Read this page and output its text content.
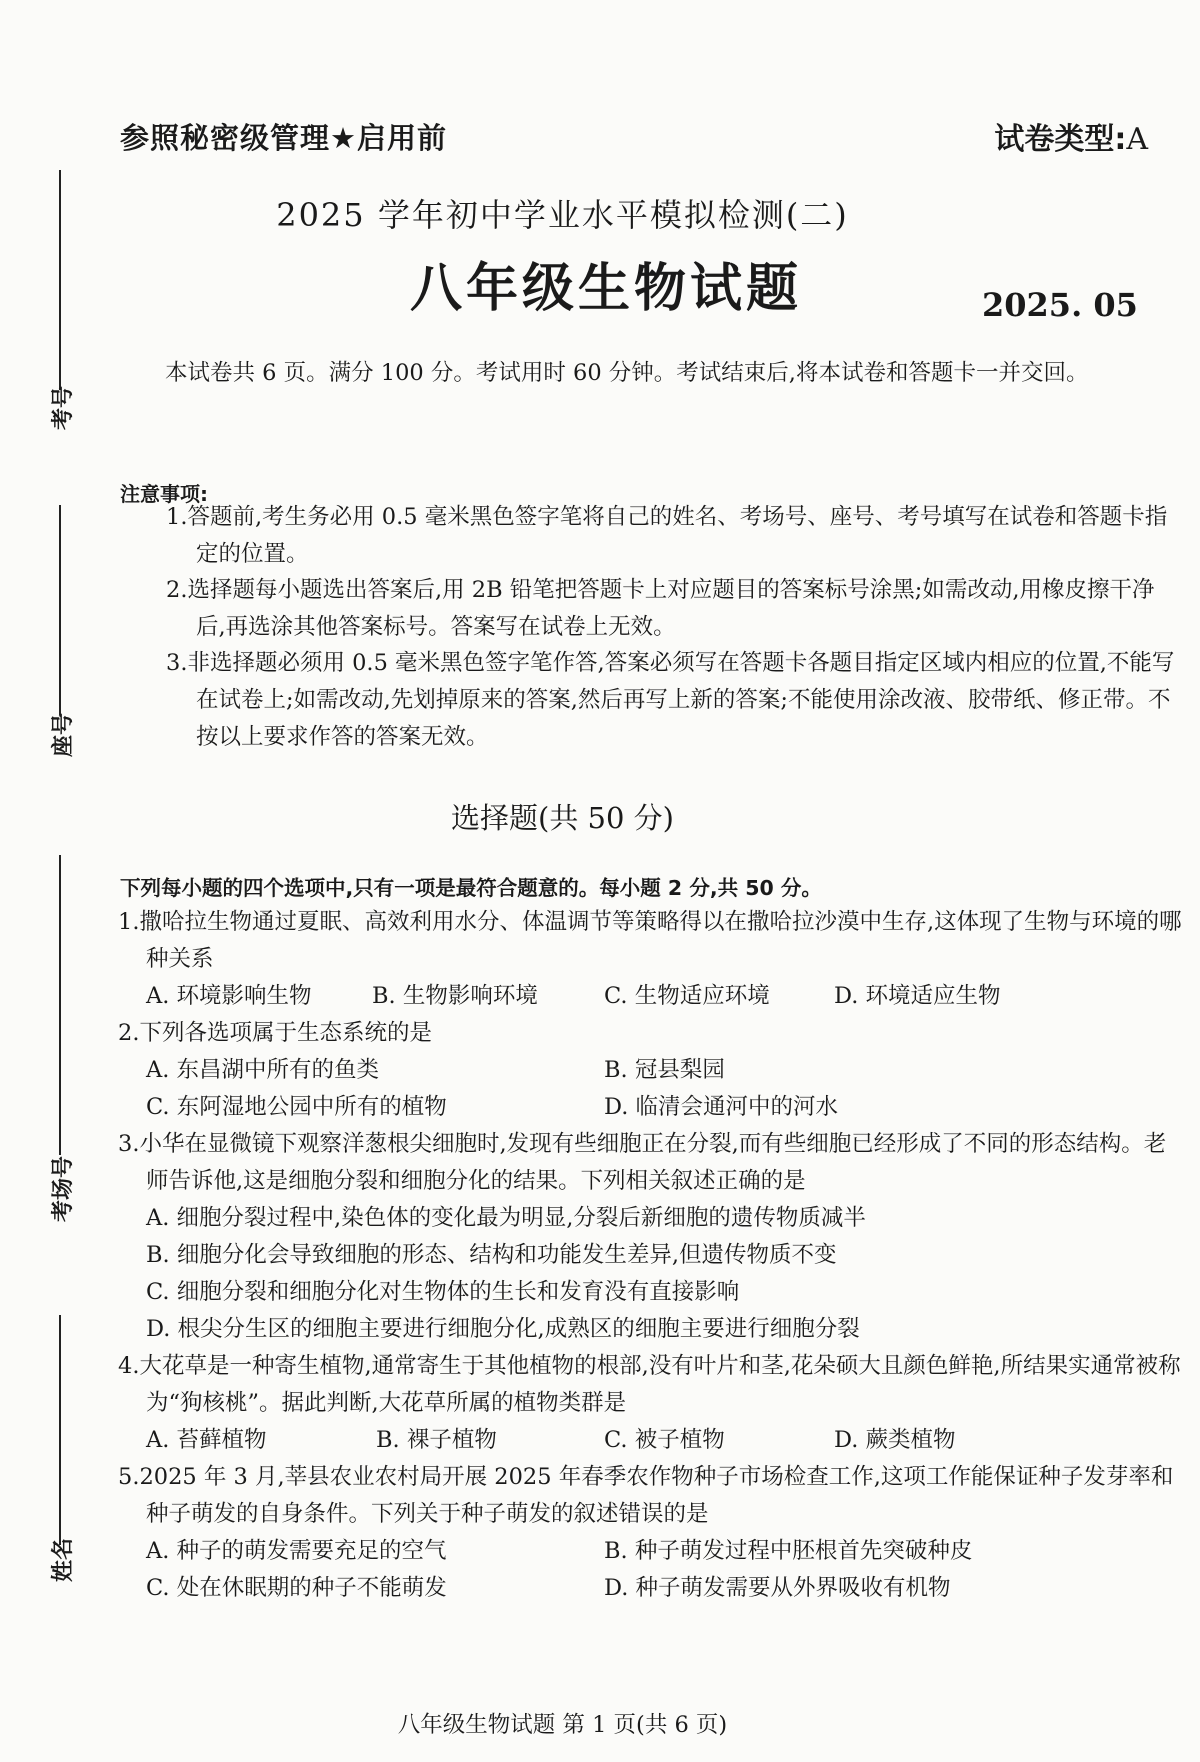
考号
座号
考场号
姓名
参照秘密级管理★启用前	试卷类型:A
2025 学年初中学业水平模拟检测(二)
八年级生物试题	2025. 05
本试卷共 6 页。满分 100 分。考试用时 60 分钟。考试结束后,将本试卷和答题卡一并交回。
注意事项:
1.答题前,考生务必用 0.5 毫米黑色签字笔将自己的姓名、考场号、座号、考号填写在试卷和答题卡指定的位置。
2.选择题每小题选出答案后,用 2B 铅笔把答题卡上对应题目的答案标号涂黑;如需改动,用橡皮擦干净后,再选涂其他答案标号。答案写在试卷上无效。
3.非选择题必须用 0.5 毫米黑色签字笔作答,答案必须写在答题卡各题目指定区域内相应的位置,不能写在试卷上;如需改动,先划掉原来的答案,然后再写上新的答案;不能使用涂改液、胶带纸、修正带。不按以上要求作答的答案无效。
选择题(共 50 分)
下列每小题的四个选项中,只有一项是最符合题意的。每小题 2 分,共 50 分。
1.撒哈拉生物通过夏眠、高效利用水分、体温调节等策略得以在撒哈拉沙漠中生存,这体现了生物与环境的哪种关系
A. 环境影响生物	B. 生物影响环境	C. 生物适应环境	D. 环境适应生物
2.下列各选项属于生态系统的是
A. 东昌湖中所有的鱼类	B. 冠县梨园
C. 东阿湿地公园中所有的植物	D. 临清会通河中的河水
3.小华在显微镜下观察洋葱根尖细胞时,发现有些细胞正在分裂,而有些细胞已经形成了不同的形态结构。老师告诉他,这是细胞分裂和细胞分化的结果。下列相关叙述正确的是
A. 细胞分裂过程中,染色体的变化最为明显,分裂后新细胞的遗传物质减半
B. 细胞分化会导致细胞的形态、结构和功能发生差异,但遗传物质不变
C. 细胞分裂和细胞分化对生物体的生长和发育没有直接影响
D. 根尖分生区的细胞主要进行细胞分化,成熟区的细胞主要进行细胞分裂
4.大花草是一种寄生植物,通常寄生于其他植物的根部,没有叶片和茎,花朵硕大且颜色鲜艳,所结果实通常被称为“狗核桃”。据此判断,大花草所属的植物类群是
A. 苔藓植物	B. 裸子植物	C. 被子植物	D. 蕨类植物
5.2025 年 3 月,莘县农业农村局开展 2025 年春季农作物种子市场检查工作,这项工作能保证种子发芽率和种子萌发的自身条件。下列关于种子萌发的叙述错误的是
A. 种子的萌发需要充足的空气	B. 种子萌发过程中胚根首先突破种皮
C. 处在休眠期的种子不能萌发	D. 种子萌发需要从外界吸收有机物
八年级生物试题 第 1 页(共 6 页)
